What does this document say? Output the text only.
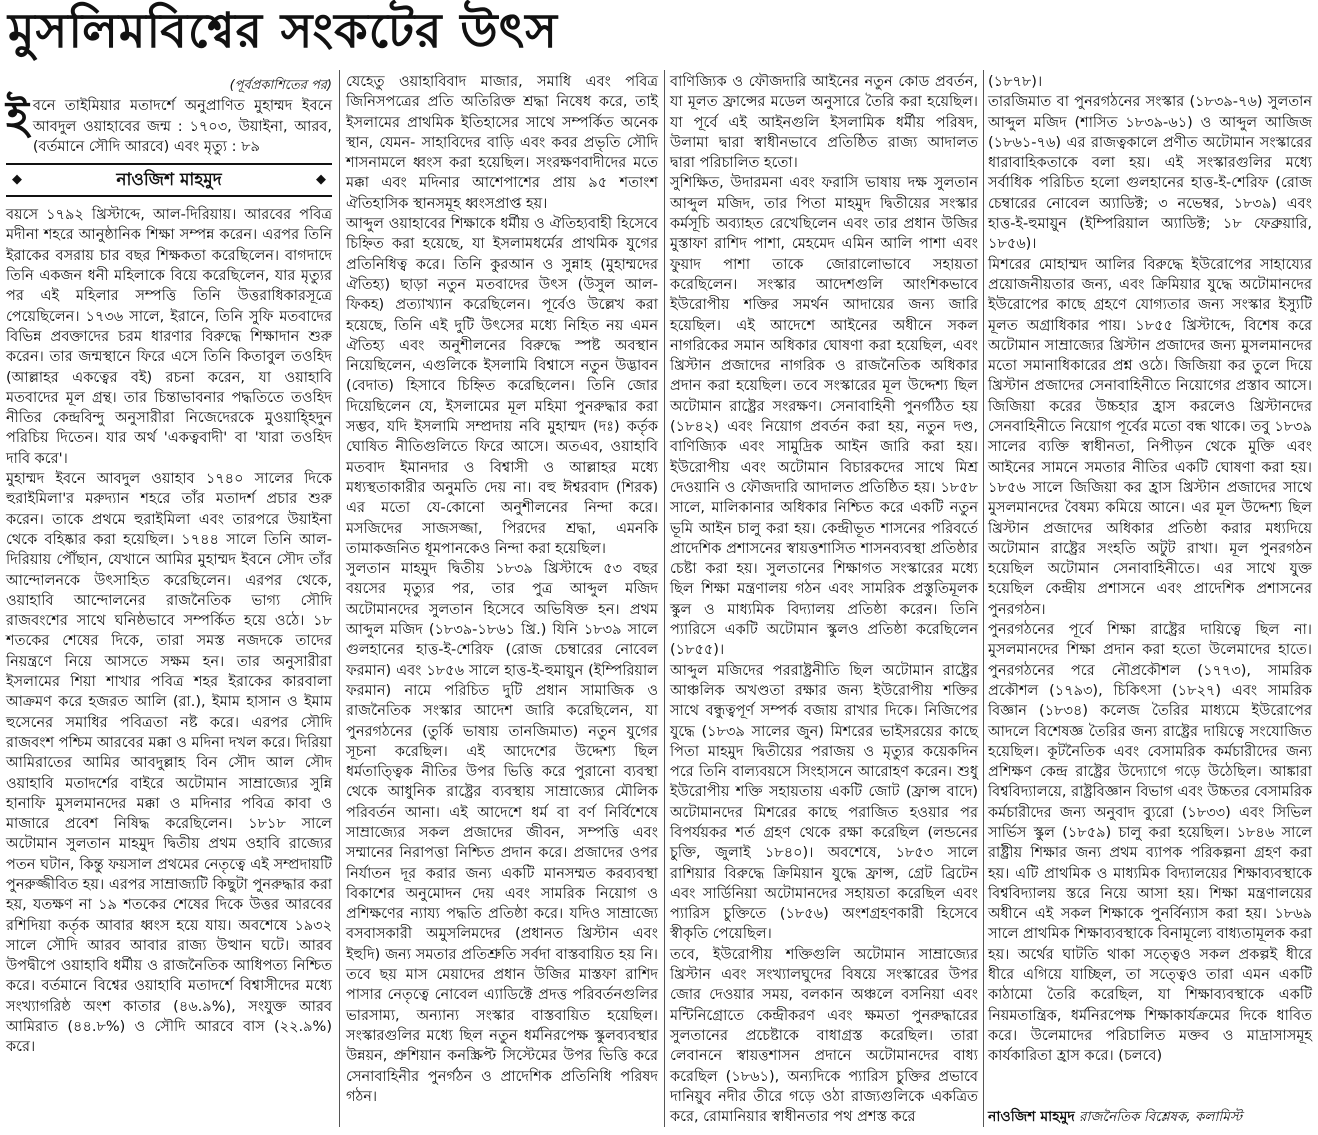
মুসলিমবিশ্বের সংকটের উৎস
(পূর্বপ্রকাশিতের পর)

ইবনে তাইমিয়ার মতাদর্শে অনুপ্রাণিত মুহাম্মদ ইবনে আবদুল ওয়াহাবের জন্ম : ১৭০৩, উয়াইনা, আরব, (বর্তমানে সৌদি আরবে) এবং মৃত্যু : ৮৯

◆	নাওজিশ মাহমুদ	◆

বয়সে ১৭৯২ খ্রিস্টাব্দে, আল-দিরিয়ায়। আরবের পবিত্র মদীনা শহরে আনুষ্ঠানিক শিক্ষা সম্পন্ন করেন। এরপর তিনি ইরাকের বসরায় চার বছর শিক্ষকতা করেছিলেন। বাগদাদে তিনি একজন ধনী মহিলাকে বিয়ে করেছিলেন, যার মৃত্যুর পর এই মহিলার সম্পত্তি তিনি উত্তরাধিকারসূত্রে পেয়েছিলেন। ১৭৩৬ সালে, ইরানে, তিনি সুফি মতবাদের বিভিন্ন প্রবক্তাদের চরম ধারণার বিরুদ্ধে শিক্ষাদান শুরু করেন। তার জন্মস্থানে ফিরে এসে তিনি কিতাবুল তওহিদ (আল্লাহর একত্বের বই) রচনা করেন, যা ওয়াহাবি মতবাদের মূল গ্রন্থ। তার চিন্তাভাবনার পদ্ধতিতে তওহিদ নীতির কেন্দ্রবিন্দু অনুসারীরা নিজেদেরকে মুওয়াহ্হিদুন পরিচিয় দিতেন। যার অর্থ 'একত্ববাদী' বা 'যারা তওহিদ দাবি করে'।

মুহাম্মদ ইবনে আবদুল ওয়াহাব ১৭৪০ সালের দিকে হুরাইমিলা'র মরুদ্যান শহরে তাঁর মতাদর্শ প্রচার শুরু করেন। তাকে প্রথমে হুরাইমিলা এবং তারপরে উয়াইনা থেকে বহিষ্কার করা হয়েছিল। ১৭৪৪ সালে তিনি আল-দিরিয়ায় পৌঁছান, যেখানে আমির মুহাম্মদ ইবনে সৌদ তাঁর আন্দোলনকে উৎসাহিত করেছিলেন। এরপর থেকে, ওয়াহাবি আন্দোলনের রাজনৈতিক ভাগ্য সৌদি রাজবংশের সাথে ঘনিষ্ঠভাবে সম্পর্কিত হয়ে ওঠে। ১৮ শতকের শেষের দিকে, তারা সমস্ত নজদকে তাদের নিয়ন্ত্রণে নিয়ে আসতে সক্ষম হন। তার অনুসারীরা ইসলামের শিয়া শাখার পবিত্র শহর ইরাকের কারবালা আক্রমণ করে হজরত আলি (রা.), ইমাম হাসান ও ইমাম হুসেনের সমাধির পবিত্রতা নষ্ট করে। এরপর সৌদি রাজবংশ পশ্চিম আরবের মক্কা ও মদিনা দখল করে। দিরিয়া আমিরাতের আমির আবদুল্লাহ বিন সৌদ আল সৌদ ওয়াহাবি মতাদর্শের বাইরে অটোমান সাম্রাজ্যের সুন্নি হানাফি মুসলমানদের মক্কা ও মদিনার পবিত্র কাবা ও মাজারে প্রবেশ নিষিদ্ধ করেছিলেন। ১৮১৮ সালে অটোমান সুলতান মাহমুদ দ্বিতীয় প্রথম ওহাবি রাজ্যের পতন ঘটান, কিন্তু ফয়সাল প্রথমের নেতৃত্বে এই সম্প্রদায়টি পুনরুজ্জীবিত হয়। এরপর সাম্রাজ্যটি কিছুটা পুনরুদ্ধার করা হয়, যতক্ষণ না ১৯ শতকের শেষের দিকে উত্তর আরবের রশিদিয়া কর্তৃক আবার ধ্বংস হয়ে যায়। অবশেষে ১৯৩২ সালে সৌদি আরব আবার রাজ্য উত্থান ঘটে। আরব উপদ্বীপে ওয়াহাবি ধর্মীয় ও রাজনৈতিক আধিপত্য নিশ্চিত করে। বর্তমানে বিশ্বের ওয়াহাবি মতাদর্শে বিশ্বাসীদের মধ্যে সংখ্যাগরিষ্ঠ অংশ কাতার (৪৬.৯%), সংযুক্ত আরব আমিরাত (৪৪.৮%) ও সৌদি আরবে বাস (২২.৯%) করে।

যেহেতু ওয়াহাবিবাদ মাজার, সমাধি এবং পবিত্র জিনিসপত্রের প্রতি অতিরিক্ত শ্রদ্ধা নিষেধ করে, তাই ইসলামের প্রাথমিক ইতিহাসের সাথে সম্পর্কিত অনেক স্থান, যেমন- সাহাবিদের বাড়ি এবং কবর প্রভৃতি সৌদি শাসনামলে ধ্বংস করা হয়েছিল। সংরক্ষণবাদীদের মতে মক্কা এবং মদিনার আশেপাশের প্রায় ৯৫ শতাংশ ঐতিহাসিক স্থানসমূহ ধ্বংসপ্রাপ্ত হয়।

আব্দুল ওয়াহাবের শিক্ষাকে ধর্মীয় ও ঐতিহ্যবাহী হিসেবে চিহ্নিত করা হয়েছে, যা ইসলামধর্মের প্রাথমিক যুগের প্রতিনিধিত্ব করে। তিনি কুরআন ও সুন্নাহ (মুহাম্মদের ঐতিহ্য) ছাড়া নতুন মতবাদের উৎস (উসুল আল-ফিকহ) প্রত্যাখ্যান করেছিলেন। পূর্বেও উল্লেখ করা হয়েছে, তিনি এই দুটি উৎসের মধ্যে নিহিত নয় এমন ঐতিহ্য এবং অনুশীলনের বিরুদ্ধে স্পষ্ট অবস্থান নিয়েছিলেন, এগুলিকে ইসলামি বিশ্বাসে নতুন উদ্ভাবন (বেদাত) হিসাবে চিহ্নিত করেছিলেন। তিনি জোর দিয়েছিলেন যে, ইসলামের মূল মহিমা পুনরুদ্ধার করা সম্ভব, যদি ইসলামি সম্প্রদায় নবি মুহাম্মদ (দঃ) কর্তৃক ঘোষিত নীতিগুলিতে ফিরে আসে। অতএব, ওয়াহাবি মতবাদ ইমানদার ও বিশ্বাসী ও আল্লাহর মধ্যে মধ্যস্থতাকারীর অনুমতি দেয় না। বহু ঈশ্বরবাদ (শিরক) এর মতো যে-কোনো অনুশীলনের নিন্দা করে। মসজিদের সাজসজ্জা, পিরদের শ্রদ্ধা, এমনকি তামাকজনিত ধূমপানকেও নিন্দা করা হয়েছিল।

সুলতান মাহমুদ দ্বিতীয় ১৮৩৯ খ্রিস্টাব্দে ৫৩ বছর বয়সের মৃত্যুর পর, তার পুত্র আব্দুল মজিদ অটোমানদের সুলতান হিসেবে অভিষিক্ত হন। প্রথম আব্দুল মজিদ (১৮৩৯-১৮৬১ খ্রি.) যিনি ১৮৩৯ সালে গুলহানের হাত্ত-ই-শেরিফ (রোজ চেম্বারের নোবেল ফরমান) এবং ১৮৫৬ সালে হাত্ত-ই-হুমায়ুন (ইম্পিরিয়াল ফরমান) নামে পরিচিত দুটি প্রধান সামাজিক ও রাজনৈতিক সংস্কার আদেশ জারি করেছিলেন, যা পুনরগঠনের (তুর্কি ভাষায় তানজিমাত) নতুন যুগের সূচনা করেছিল। এই আদেশের উদ্দেশ্য ছিল ধর্মতাত্ত্বিক নীতির উপর ভিত্তি করে পুরানো ব্যবস্থা থেকে আধুনিক রাষ্ট্রের ব্যবস্থায় সাম্রাজ্যের মৌলিক পরিবর্তন আনা। এই আদেশে ধর্ম বা বর্ণ নির্বিশেষে সাম্রাজ্যের সকল প্রজাদের জীবন, সম্পত্তি এবং সম্মানের নিরাপত্তা নিশ্চিত প্রদান করে। প্রজাদের ওপর নির্যাতন দূর করার জন্য একটি মানসম্মত করব্যবস্থা বিকাশের অনুমোদন দেয় এবং সামরিক নিয়োগ ও প্রশিক্ষণের ন্যায্য পদ্ধতি প্রতিষ্ঠা করে। যদিও সাম্রাজ্যে বসবাসকারী অমুসলিমদের (প্রধানত খ্রিস্টান এবং ইহুদি) জন্য সমতার প্রতিশ্রুতি সর্বদা বাস্তবায়িত হয় নি। তবে ছয় মাস মেয়াদের প্রধান উজির মাস্তফা রাশিদ পাসার নেতৃত্বে নোবেল এ্যাডিক্টে প্রদত্ত পরিবর্তনগুলির ভারসাম্য, অন্যান্য সংস্কার বাস্তবায়িত হয়েছিল। সংস্কারগুলির মধ্যে ছিল নতুন ধর্মনিরপেক্ষ স্কুলব্যবস্থার উন্নয়ন, প্রুশিয়ান কনস্ক্রিপ্ট সিস্টেমের উপর ভিত্তি করে সেনাবাহিনীর পুনর্গঠন ও প্রাদেশিক প্রতিনিধি পরিষদ গঠন।

বাণিজ্যিক ও ফৌজদারি আইনের নতুন কোড প্রবর্তন, যা মূলত ফ্রান্সের মডেল অনুসারে তৈরি করা হয়েছিল। যা পূর্বে এই আইনগুলি ইসলামিক ধর্মীয় পরিষদ, উলামা দ্বারা স্বাধীনভাবে প্রতিষ্ঠিত রাজ্য আদালত দ্বারা পরিচালিত হতো।

সুশিক্ষিত, উদারমনা এবং ফরাসি ভাষায় দক্ষ সুলতান আব্দুল মজিদ, তার পিতা মাহমুদ দ্বিতীয়ের সংস্কার কর্মসূচি অব্যাহত রেখেছিলেন এবং তার প্রধান উজির মুস্তাফা রাশিদ পাশা, মেহমেদ এমিন আলি পাশা এবং ফুয়াদ পাশা তাকে জোরালোভাবে সহায়তা করেছিলেন। সংস্কার আদেশগুলি আংশিকভাবে ইউরোপীয় শক্তির সমর্থন আদায়ের জন্য জারি হয়েছিল। এই আদেশে আইনের অধীনে সকল নাগরিকের সমান অধিকার ঘোষণা করা হয়েছিল, এবং খ্রিস্টান প্রজাদের নাগরিক ও রাজনৈতিক অধিকার প্রদান করা হয়েছিল। তবে সংস্কারের মূল উদ্দেশ্য ছিল অটোমান রাষ্ট্রের সংরক্ষণ। সেনাবাহিনী পুনর্গঠিত হয় (১৮৪২) এবং নিয়োগ প্রবর্তন করা হয়, নতুন দণ্ড, বাণিজ্যিক এবং সামুদ্রিক আইন জারি করা হয়। ইউরোপীয় এবং অটোমান বিচারকদের সাথে মিশ্র দেওয়ানি ও ফৌজদারি আদালত প্রতিষ্ঠিত হয়। ১৮৫৮ সালে, মালিকানার অধিকার নিশ্চিত করে একটি নতুন ভূমি আইন চালু করা হয়। কেন্দ্রীভূত শাসনের পরিবর্তে প্রাদেশিক প্রশাসনের স্বায়ত্তশাসিত শাসনব্যবস্থা প্রতিষ্ঠার চেষ্টা করা হয়। সুলতানের শিক্ষাগত সংস্কারের মধ্যে ছিল শিক্ষা মন্ত্রণালয় গঠন এবং সামরিক প্রস্তুতিমূলক স্কুল ও মাধ্যমিক বিদ্যালয় প্রতিষ্ঠা করেন। তিনি প্যারিসে একটি অটোমান স্কুলও প্রতিষ্ঠা করেছিলেন (১৮৫৫)।

আব্দুল মজিদের পররাষ্ট্রনীতি ছিল অটোমান রাষ্ট্রের আঞ্চলিক অখণ্ডতা রক্ষার জন্য ইউরোপীয় শক্তির সাথে বন্ধুত্বপূর্ণ সম্পর্ক বজায় রাখার দিকে। নিজিপের যুদ্ধে (১৮৩৯ সালের জুন) মিশরের ভাইসরয়ের কাছে পিতা মাহমুদ দ্বিতীয়ের পরাজয় ও মৃত্যুর কয়েকদিন পরে তিনি বাল্যবয়সে সিংহাসনে আরোহণ করেন। শুধু ইউরোপীয় শক্তি সহায়তায় একটি জোট (ফ্রান্স বাদে) অটোমানদের মিশরের কাছে পরাজিত হওয়ার পর বিপর্যয়কর শর্ত গ্রহণ থেকে রক্ষা করেছিল (লন্ডনের চুক্তি, জুলাই ১৮৪০)। অবশেষে, ১৮৫৩ সালে রাশিয়ার বিরুদ্ধে ক্রিমিয়ান যুদ্ধে ফ্রান্স, গ্রেট ব্রিটেন এবং সার্ডিনিয়া অটোমানদের সহায়তা করেছিল এবং প্যারিস চুক্তিতে (১৮৫৬) অংশগ্রহণকারী হিসেবে স্বীকৃতি পেয়েছিল।

তবে, ইউরোপীয় শক্তিগুলি অটোমান সাম্রাজ্যের খ্রিস্টান এবং সংখ্যালঘুদের বিষয়ে সংস্কারের উপর জোর দেওয়ার সময়, বলকান অঞ্চলে বসনিয়া এবং মন্টিনিগ্রোতে কেন্দ্রীকরণ এবং ক্ষমতা পুনরুদ্ধারের সুলতানের প্রচেষ্টাকে বাধাগ্রস্ত করেছিল। তারা লেবাননে স্বায়ত্তশাসন প্রদানে অটোমানদের বাধ্য করেছিল (১৮৬১), অন্যদিকে প্যারিস চুক্তির প্রভাবে দানিয়ুব নদীর তীরে গড়ে ওঠা রাজ্যগুলিকে একত্রিত করে, রোমানিয়ার স্বাধীনতার পথ প্রশস্ত করে

(১৮৭৮)।

তারজিমাত বা পুনরগঠনের সংস্কার (১৮৩৯-৭৬) সুলতান আব্দুল মজিদ (শাসিত ১৮৩৯-৬১) ও আব্দুল আজিজ (১৮৬১-৭৬) এর রাজত্বকালে প্রণীত অটোমান সংস্কারের ধারাবাহিকতাকে বলা হয়। এই সংস্কারগুলির মধ্যে সর্বাধিক পরিচিত হলো গুলহানের হাত্ত-ই-শেরিফ (রোজ চেম্বারের নোবেল অ্যাডিক্ট; ৩ নভেম্বর, ১৮৩৯) এবং হাত্ত-ই-হুমায়ুন (ইম্পিরিয়াল অ্যাডিক্ট; ১৮ ফেব্রুয়ারি, ১৮৫৬)।

মিশরের মোহাম্মদ আলির বিরুদ্ধে ইউরোপের সাহায্যের প্রয়োজনীয়তার জন্য, এবং ক্রিমিয়ার যুদ্ধে অটোমানদের ইউরোপের কাছে গ্রহণে যোগ্যতার জন্য সংস্কার ইস্যুটি মূলত অগ্রাধিকার পায়। ১৮৫৫ খ্রিস্টাব্দে, বিশেষ করে অটোমান সাম্রাজ্যের খ্রিস্টান প্রজাদের জন্য মুসলমানদের মতো সমানাধিকারের প্রশ্ন ওঠে। জিজিয়া কর তুলে দিয়ে খ্রিস্টান প্রজাদের সেনাবাহিনীতে নিয়োগের প্রস্তাব আসে। জিজিয়া করের উচ্চহার হ্রাস করলেও খ্রিস্টানদের সেনবাহিনীতে নিয়োগ পূর্বের মতো বন্ধ থাকে। তবু ১৮৩৯ সালের ব্যক্তি স্বাধীনতা, নিপীড়ন থেকে মুক্তি এবং আইনের সামনে সমতার নীতির একটি ঘোষণা করা হয়। ১৮৫৬ সালে জিজিয়া কর হ্রাস খ্রিস্টান প্রজাদের সাথে মুসলমানদের বৈষম্য কমিয়ে আনে। এর মূল উদ্দেশ্য ছিল খ্রিস্টান প্রজাদের অধিকার প্রতিষ্ঠা করার মধ্যদিয়ে অটোমান রাষ্ট্রের সংহতি অটুট রাখা। মূল পুনরগঠন হয়েছিল অটোমান সেনাবাহিনীতে। এর সাথে যুক্ত হয়েছিল কেন্দ্রীয় প্রশাসনে এবং প্রাদেশিক প্রশাসনের পুনরগঠন।

পুনরগঠনের পূর্বে শিক্ষা রাষ্ট্রের দায়িত্বে ছিল না। মুসলমানদের শিক্ষা প্রদান করা হতো উলেমাদের হাতে। পুনরগঠনের পরে নৌপ্রকৌশল (১৭৭৩), সামরিক প্রকৌশল (১৭৯৩), চিকিৎসা (১৮২৭) এবং সামরিক বিজ্ঞান (১৮৩৪) কলেজ তৈরির মাধ্যমে ইউরোপের আদলে বিশেষজ্ঞ তৈরির জন্য রাষ্ট্রের দায়িত্বে সংযোজিত হয়েছিল। কূটনৈতিক এবং বেসামরিক কর্মচারীদের জন্য প্রশিক্ষণ কেন্দ্র রাষ্ট্রের উদ্যোগে গড়ে উঠেছিল। আঙ্কারা বিশ্ববিদ্যালয়ে, রাষ্ট্রবিজ্ঞান বিভাগ এবং উচ্চতর বেসামরিক কর্মচারীদের জন্য অনুবাদ ব্যুরো (১৮৩৩) এবং সিভিল সার্ভিস স্কুল (১৮৫৯) চালু করা হয়েছিল। ১৮৪৬ সালে রাষ্ট্রীয় শিক্ষার জন্য প্রথম ব্যাপক পরিকল্পনা গ্রহণ করা হয়। এটি প্রাথমিক ও মাধ্যমিক বিদ্যালয়ের শিক্ষাব্যবস্থাকে বিশ্ববিদ্যালয় স্তরে নিয়ে আসা হয়। শিক্ষা মন্ত্রণালয়ের অধীনে এই সকল শিক্ষাকে পুনর্বিন্যাস করা হয়। ১৮৬৯ সালে প্রাথমিক শিক্ষাব্যবস্থাকে বিনামূল্যে বাধ্যতামূলক করা হয়। অর্থের ঘাটতি থাকা সত্ত্বেও সকল প্রকল্পই ধীরে ধীরে এগিয়ে যাচ্ছিল, তা সত্ত্বেও তারা এমন একটি কাঠামো তৈরি করেছিল, যা শিক্ষাব্যবস্থাকে একটি নিয়মতান্ত্রিক, ধর্মনিরপেক্ষ শিক্ষাকার্যক্রমের দিকে ধাবিত করে। উলেমাদের পরিচালিত মক্তব ও মাদ্রাসাসমূহ কার্যকারিতা হ্রাস করে। (চলবে)

নাওজিশ মাহমুদ রাজনৈতিক বিশ্লেষক, কলামিস্ট
